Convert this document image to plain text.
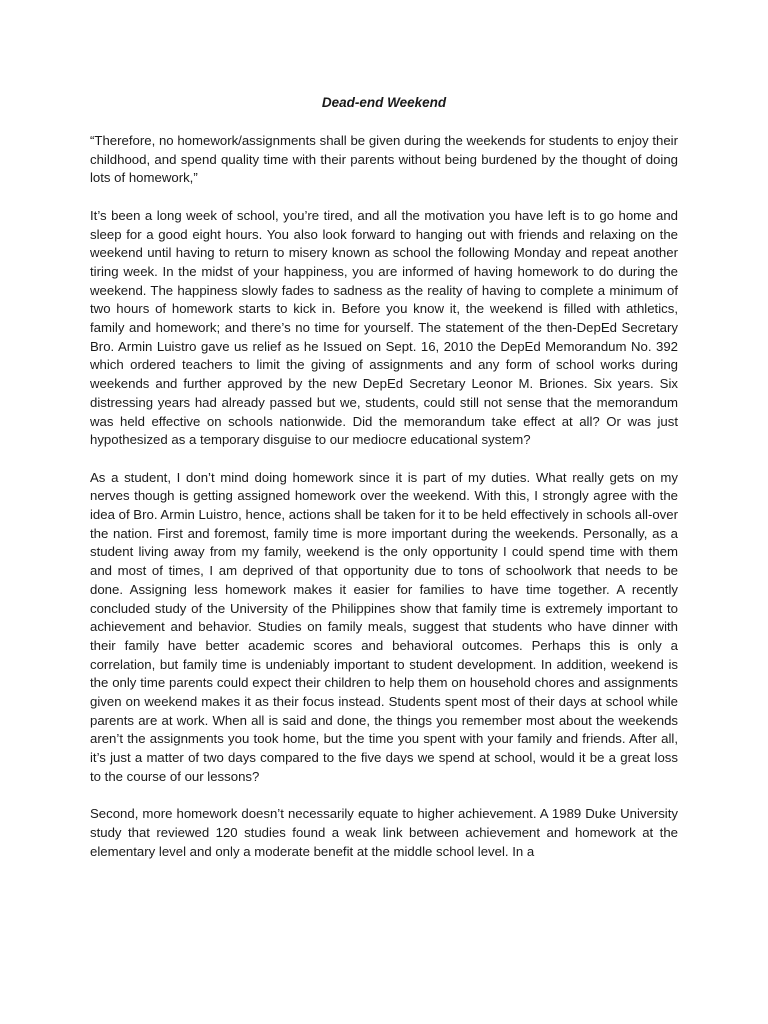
Dead-end Weekend

“Therefore, no homework/assignments shall be given during the weekends for students to enjoy their childhood, and spend quality time with their parents without being burdened by the thought of doing lots of homework,”

It’s been a long week of school, you’re tired, and all the motivation you have left is to go home and sleep for a good eight hours. You also look forward to hanging out with friends and relaxing on the weekend until having to return to misery known as school the following Monday and repeat another tiring week. In the midst of your happiness, you are informed of having homework to do during the weekend. The happiness slowly fades to sadness as the reality of having to complete a minimum of two hours of homework starts to kick in. Before you know it, the weekend is filled with athletics, family and homework; and there’s no time for yourself. The statement of the then-DepEd Secretary Bro. Armin Luistro gave us relief as he Issued on Sept. 16, 2010 the DepEd Memorandum No. 392 which ordered teachers to limit the giving of assignments and any form of school works during weekends and further approved by the new DepEd Secretary Leonor M. Briones. Six years. Six distressing years had already passed but we, students, could still not sense that the memorandum was held effective on schools nationwide. Did the memorandum take effect at all? Or was just hypothesized as a temporary disguise to our mediocre educational system?

As a student, I don’t mind doing homework since it is part of my duties. What really gets on my nerves though is getting assigned homework over the weekend. With this, I strongly agree with the idea of Bro. Armin Luistro, hence, actions shall be taken for it to be held effectively in schools all-over the nation. First and foremost, family time is more important during the weekends. Personally, as a student living away from my family, weekend is the only opportunity I could spend time with them and most of times, I am deprived of that opportunity due to tons of schoolwork that needs to be done. Assigning less homework makes it easier for families to have time together. A recently concluded study of the University of the Philippines show that family time is extremely important to achievement and behavior. Studies on family meals, suggest that students who have dinner with their family have better academic scores and behavioral outcomes. Perhaps this is only a correlation, but family time is undeniably important to student development. In addition, weekend is the only time parents could expect their children to help them on household chores and assignments given on weekend makes it as their focus instead. Students spent most of their days at school while parents are at work. When all is said and done, the things you remember most about the weekends aren’t the assignments you took home, but the time you spent with your family and friends. After all, it’s just a matter of two days compared to the five days we spend at school, would it be a great loss to the course of our lessons?

Second, more homework doesn’t necessarily equate to higher achievement. A 1989 Duke University study that reviewed 120 studies found a weak link between achievement and homework at the elementary level and only a moderate benefit at the middle school level. In a
